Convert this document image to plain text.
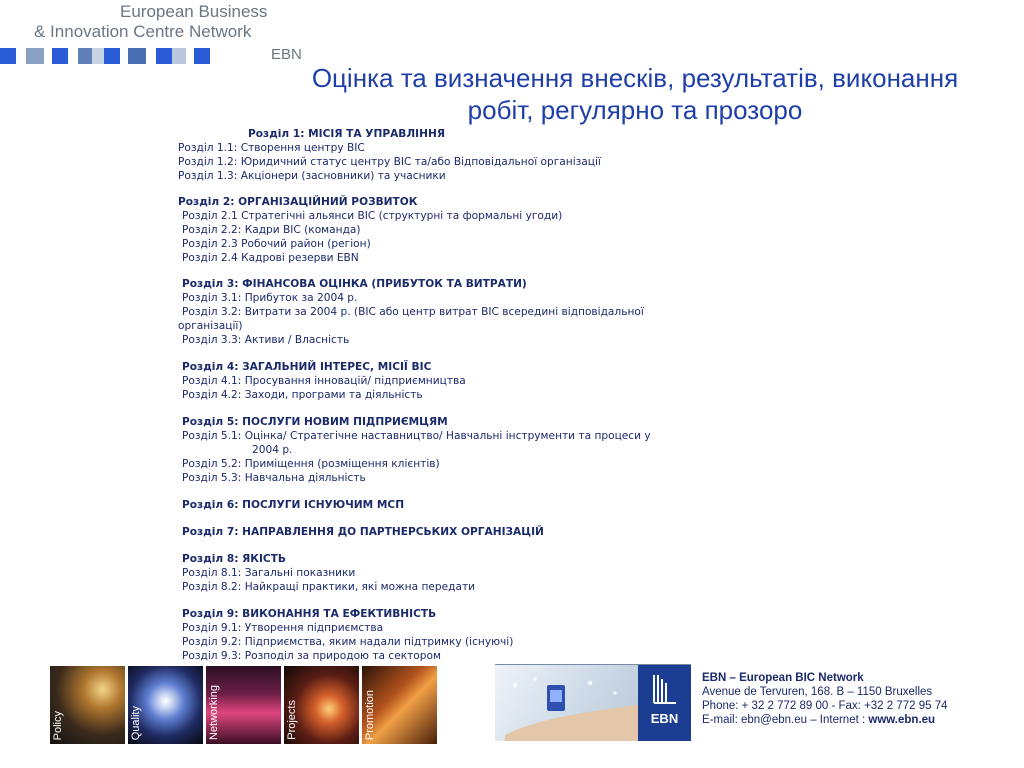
European Business
& Innovation Centre Network
EBN
Оцінка та визначення внесків, результатів, виконання
робіт, регулярно та прозоро
Розділ 1: МІСІЯ ТА УПРАВЛІННЯ
Розділ 1.1: Створення центру BIC
Розділ 1.2: Юридичний статус центру BIC та/або Відповідальної організації
Розділ 1.3: Акціонери (засновники) та учасники
Розділ 2: ОРГАНІЗАЦІЙНИЙ РОЗВИТОК
Розділ 2.1 Стратегічні альянси BIC (структурні та формальні угоди)
Розділ 2.2: Кадри BIC (команда)
Розділ 2.3 Робочий район (регіон)
Розділ 2.4 Кадрові резерви EBN
Розділ 3: ФІНАНСОВА ОЦІНКА (ПРИБУТОК ТА ВИТРАТИ)
Розділ 3.1: Прибуток за 2004 р.
Розділ 3.2: Витрати за 2004 р. (BIC або центр витрат BIC всередині відповідальної
організації)
Розділ 3.3: Активи / Власність
Розділ 4: ЗАГАЛЬНИЙ ІНТЕРЕС, МІСІЇ BIC
Розділ 4.1: Просування інновацій/ підприємництва
Розділ 4.2: Заходи, програми та діяльність
Розділ 5: ПОСЛУГИ НОВИМ ПІДПРИЄМЦЯМ
Розділ 5.1: Оцінка/ Стратегічне наставництво/ Навчальні інструменти та процеси у
2004 р.
Розділ 5.2: Приміщення (розміщення клієнтів)
Розділ 5.3: Навчальна діяльність
Розділ 6: ПОСЛУГИ ІСНУЮЧИМ МСП
Розділ 7: НАПРАВЛЕННЯ ДО ПАРТНЕРСЬКИХ ОРГАНІЗАЦІЙ
Розділ 8: ЯКІСТЬ
Розділ 8.1: Загальні показники
Розділ 8.2: Найкращі практики, які можна передати
Розділ 9: ВИКОНАННЯ ТА ЕФЕКТИВНІСТЬ
Розділ 9.1: Утворення підприємства
Розділ 9.2: Підприємства, яким надали підтримку (існуючі)
Розділ 9.3: Розподіл за природою та сектором
Policy	Quality	Networking	Projects	Promotion	EBN
EBN – European BIC Network
Avenue de Tervuren, 168. B – 1150 Bruxelles
Phone: + 32 2 772 89 00 - Fax: +32 2 772 95 74
E-mail: ebn@ebn.eu – Internet : www.ebn.eu
